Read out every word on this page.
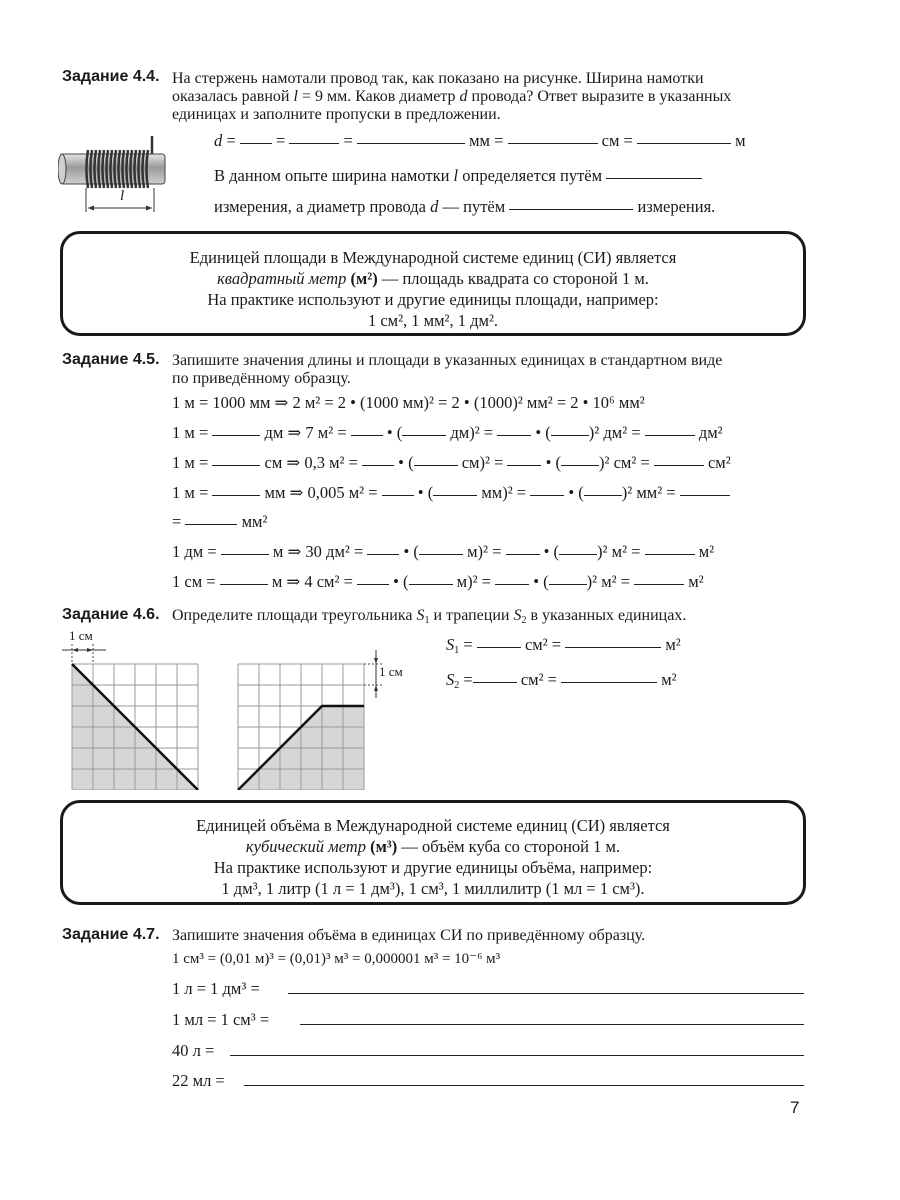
Задание 4.4. На стержень намотали провод так, как показано на рисунке. Ширина намотки
оказалась равной l = 9 мм. Каков диаметр d провода? Ответ выразите в указанных
единицах и заполните пропуски в предложении.
l
d = =	=	мм =	см =	м
В данном опыте ширина намотки l определяется путём
измерения, а диаметр провода d — путём	измерения.
Единицей площади в Международной системе единиц (СИ) является
квадратный метр (м²) — площадь квадрата со стороной 1 м.
На практике используют и другие единицы площади, например:
1 см², 1 мм², 1 дм².
Задание 4.5. Запишите значения длины и площади в указанных единицах в стандартном виде
по приведённому образцу.
1 м = 1000 мм ⇒ 2 м² = 2 • (1000 мм)² = 2 • (1000)² мм² = 2 • 10⁶ мм²
1 м =	дм ⇒ 7 м² =  • (	дм)² =  • ( )² дм² =	дм²
1 м =	см ⇒ 0,3 м² =  • (	см)² =  • ( )² см² =	см²
1 м =	мм ⇒ 0,005 м² =  • (	мм)² =  • ( )² мм² =
1 дм =	м ⇒ 30 дм² =  • (	м)² =  • ( )² м² =	м²
1 см =	м ⇒ 4 см² =  • (	м)² =  • ( )² м² =	м²
=	мм²
Задание 4.6. Определите площади треугольника $S_1$ и трапеции $S_2$ в указанных единицах.
1 см
1 см
$S_1$ =	см² =	м²
$S_2$ =	см² =	м²
Единицей объёма в Международной системе единиц (СИ) является
кубический метр (м³) — объём куба со стороной 1 м.
На практике используют и другие единицы объёма, например:
1 дм³, 1 литр (1 л = 1 дм³), 1 см³, 1 миллилитр (1 мл = 1 см³).
Задание 4.7. Запишите значения объёма в единицах СИ по приведённому образцу.
1 см³ = (0,01 м)³ = (0,01)³ м³ = 0,000001 м³ = 10⁻⁶ м³
1 л = 1 дм³ =
1 мл = 1 см³ =
40 л =
22 мл =
7
